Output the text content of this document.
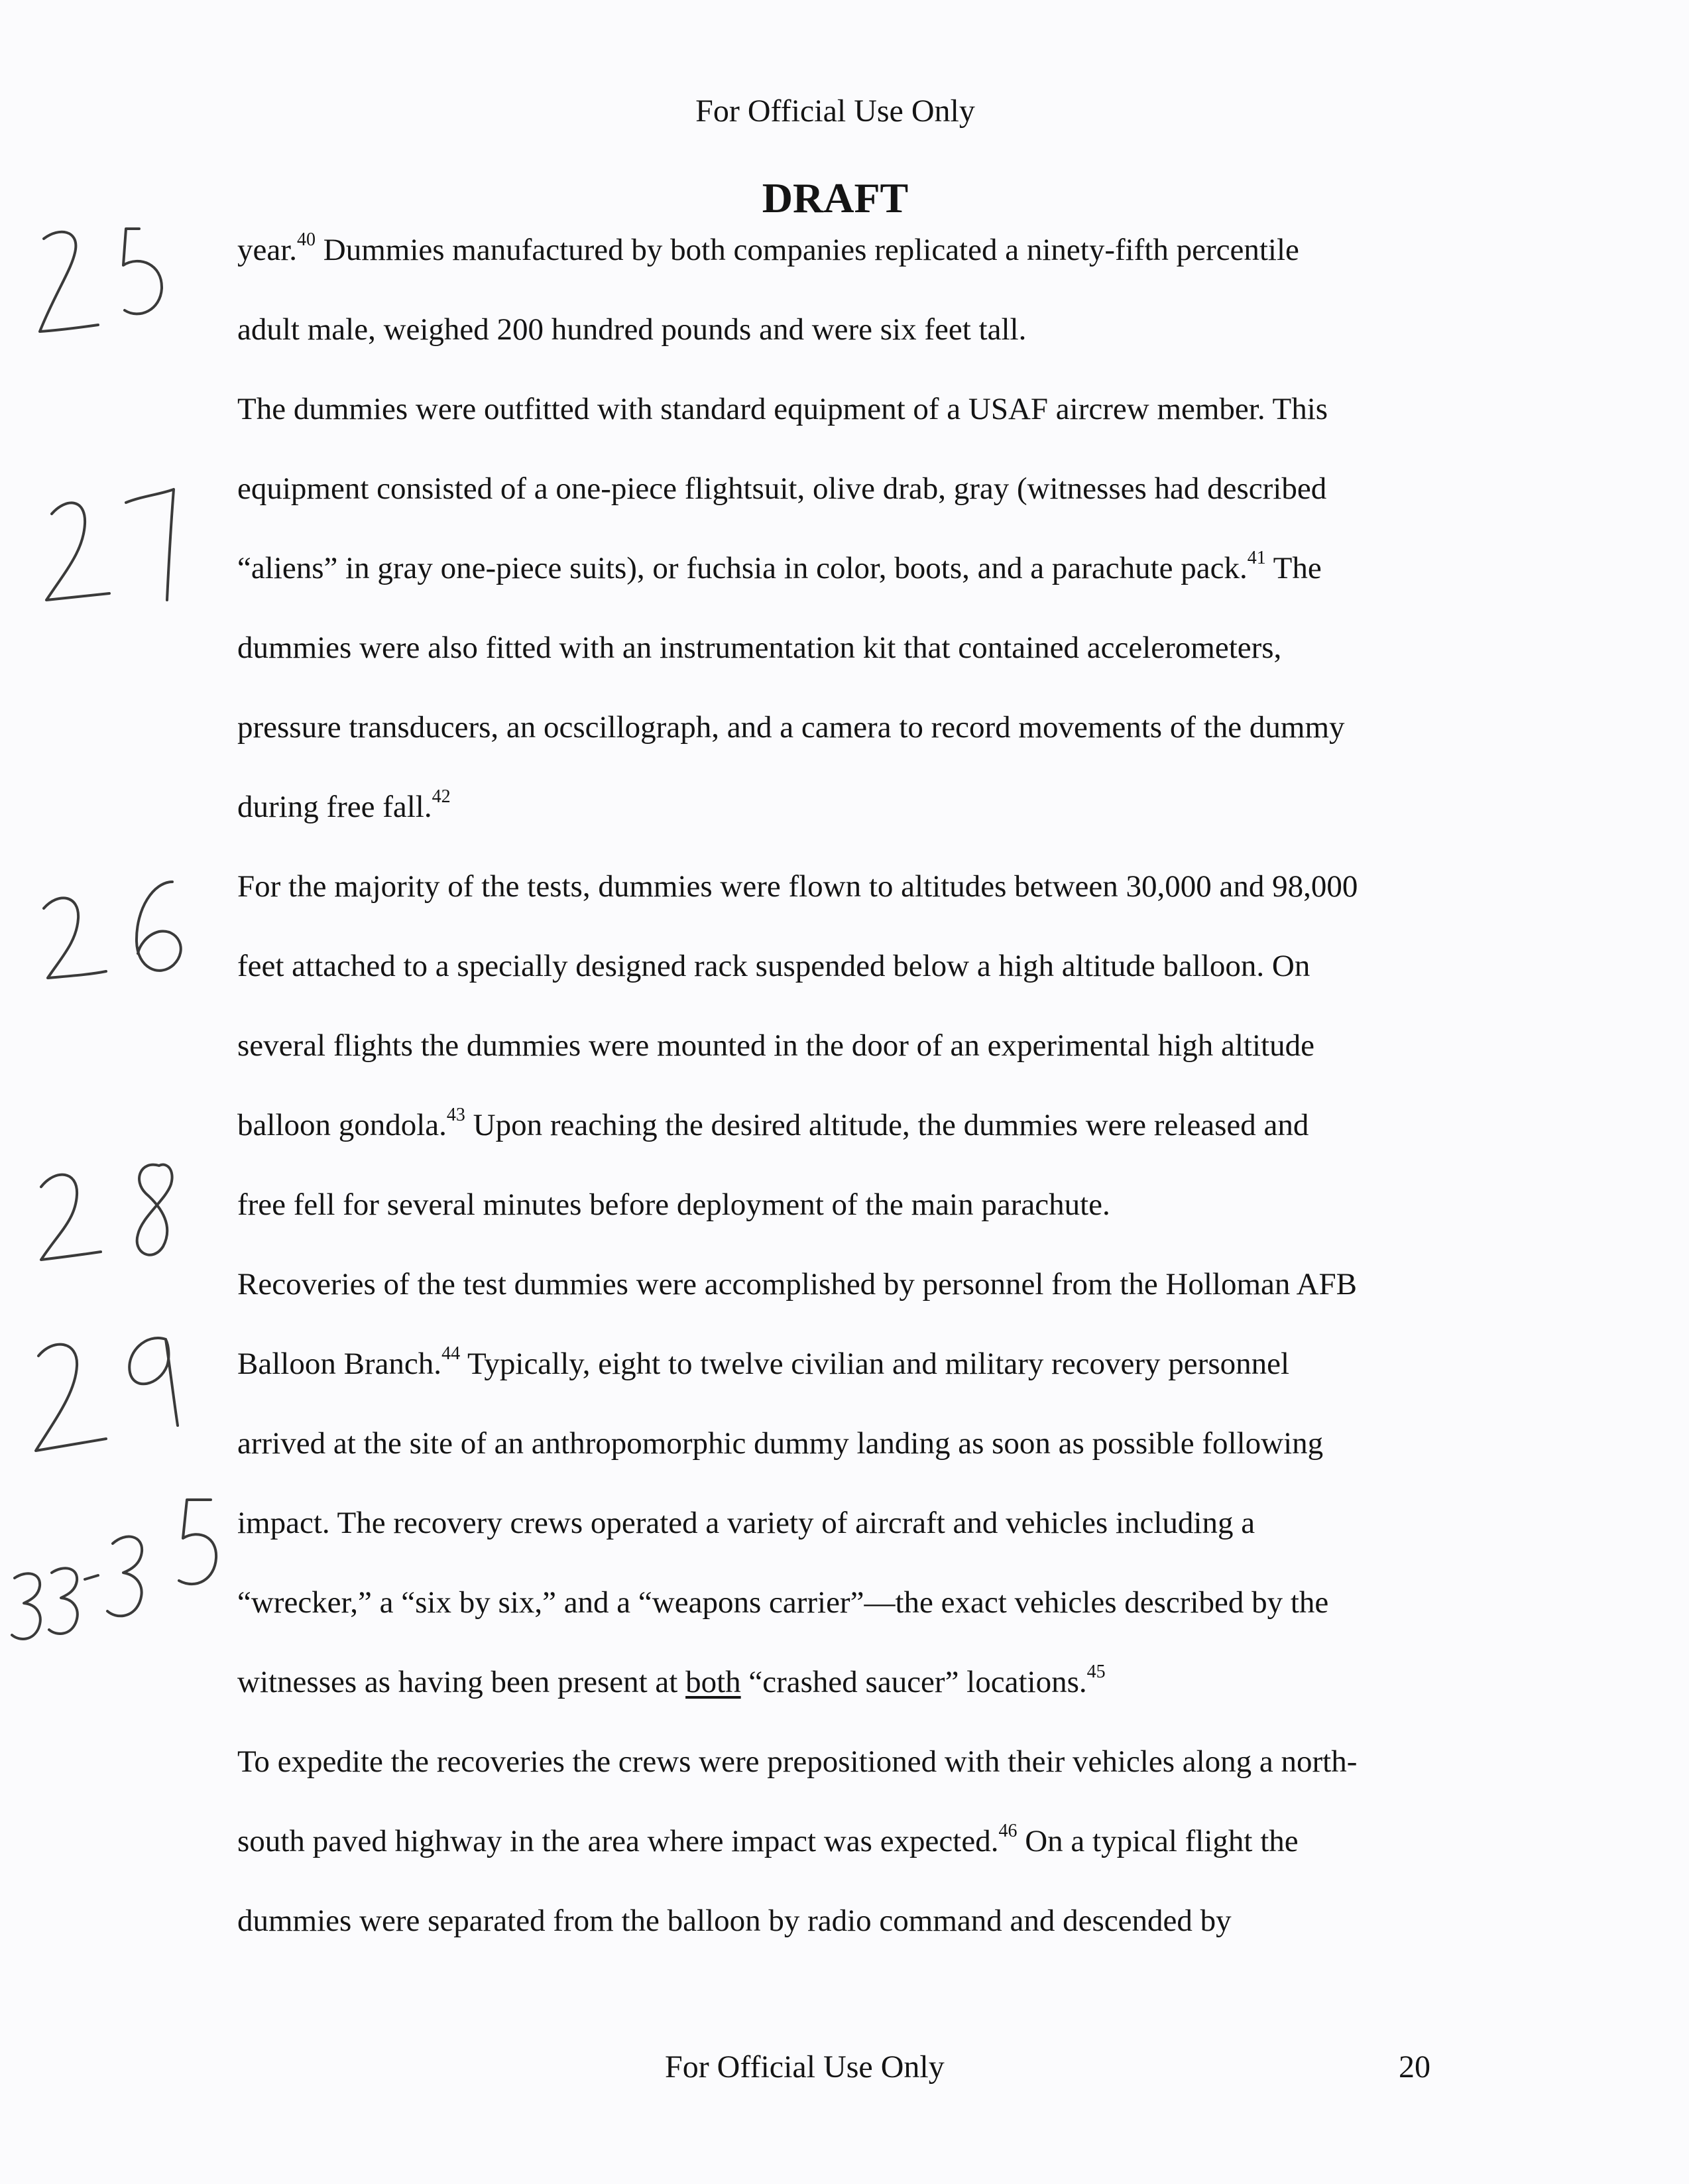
For Official Use Only
DRAFT
year.$^{40}$ Dummies manufactured by both companies replicated a ninety-fifth percentile
adult male, weighed 200 hundred pounds and were six feet tall.
The dummies were outfitted with standard equipment of a USAF aircrew member. This
equipment consisted of a one-piece flightsuit, olive drab, gray (witnesses had described
“aliens” in gray one-piece suits), or fuchsia in color, boots, and a parachute pack.$^{41}$ The
dummies were also fitted with an instrumentation kit that contained accelerometers,
pressure transducers, an ocscillograph, and a camera to record movements of the dummy
during free fall.$^{42}$
For the majority of the tests, dummies were flown to altitudes between 30,000 and 98,000
feet attached to a specially designed rack suspended below a high altitude balloon. On
several flights the dummies were mounted in the door of an experimental high altitude
balloon gondola.$^{43}$ Upon reaching the desired altitude, the dummies were released and
free fell for several minutes before deployment of the main parachute.
Recoveries of the test dummies were accomplished by personnel from the Holloman AFB
Balloon Branch.$^{44}$ Typically, eight to twelve civilian and military recovery personnel
arrived at the site of an anthropomorphic dummy landing as soon as possible following
impact. The recovery crews operated a variety of aircraft and vehicles including a
“wrecker,” a “six by six,” and a “weapons carrier”—the exact vehicles described by the
witnesses as having been present at both “crashed saucer” locations.$^{45}$
To expedite the recoveries the crews were prepositioned with their vehicles along a north-
south paved highway in the area where impact was expected.$^{46}$ On a typical flight the
dummies were separated from the balloon by radio command and descended by
For Official Use Only	20
